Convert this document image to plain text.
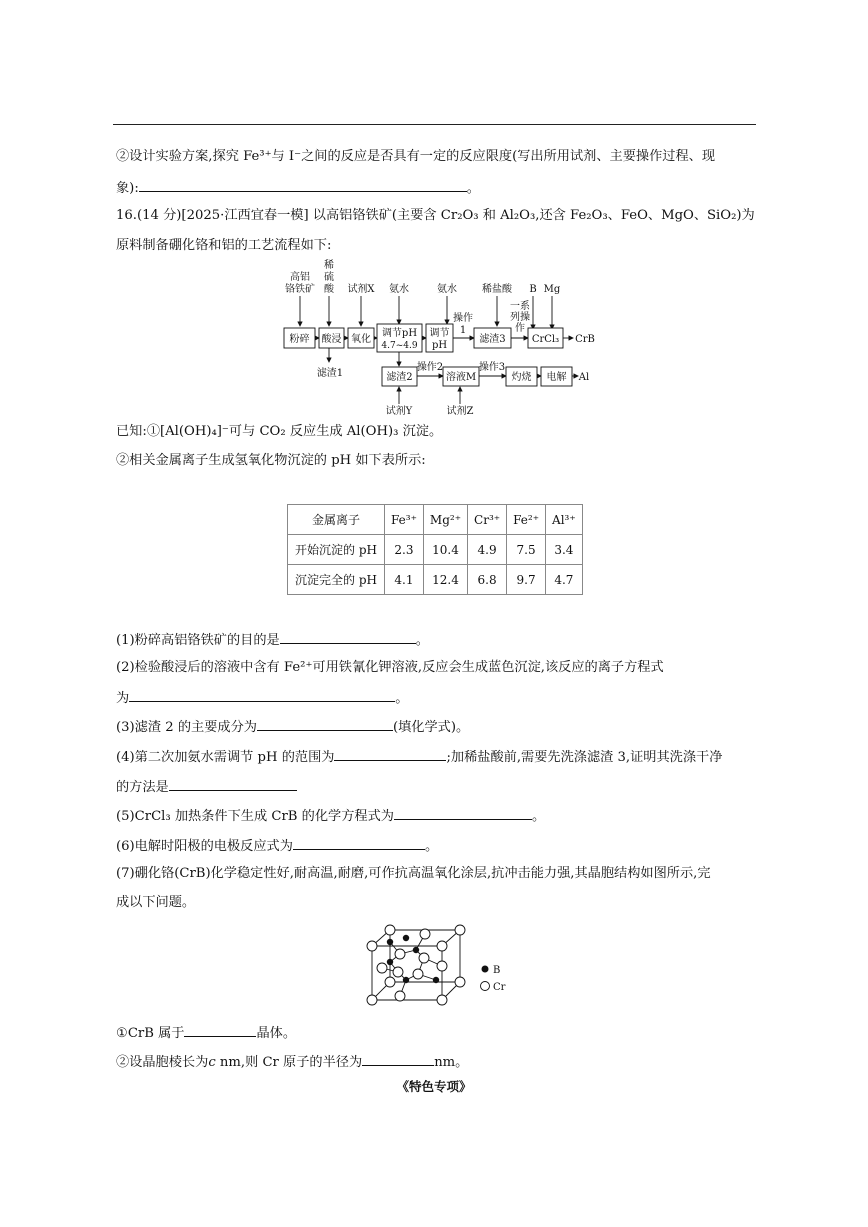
②设计实验方案,探究 Fe³⁺与 I⁻之间的反应是否具有一定的反应限度(写出所用试剂、主要操作过程、现
象):	。
16.(14 分)[2025·江西宜春一模] 以高铝铬铁矿(主要含 Cr₂O₃ 和 Al₂O₃,还含 Fe₂O₃、FeO、MgO、SiO₂)为
原料制备硼化铬和铝的工艺流程如下:
高铝
铬铁矿
稀
硫
酸 试剂X 氨水	氨水	稀盐酸 B Mg
粉碎 酸浸 氧化
调节pH
4.7~4.9
调节
pH
滤渣3	CrCl₃
滤渣2	溶液M	灼烧 电解
操作
1
一系
列操
作
操作2	操作3
滤渣1
CrB
Al
试剂Y	试剂Z
已知:①[Al(OH)₄]⁻可与 CO₂ 反应生成 Al(OH)₃ 沉淀。
②相关金属离子生成氢氧化物沉淀的 pH 如下表所示:
金属离子	Fe³⁺	Mg²⁺	Cr³⁺	Fe²⁺	Al³⁺
开始沉淀的 pH	2.3	10.4	4.9	7.5	3.4
沉淀完全的 pH	4.1	12.4	6.8	9.7	4.7
(1)粉碎高铝铬铁矿的目的是	。
(2)检验酸浸后的溶液中含有 Fe²⁺可用铁氰化钾溶液,反应会生成蓝色沉淀,该反应的离子方程式
为	。
(3)滤渣 2 的主要成分为	(填化学式)。
(4)第二次加氨水需调节 pH 的范围为	;加稀盐酸前,需要先洗涤滤渣 3,证明其洗涤干净
的方法是
(5)CrCl₃ 加热条件下生成 CrB 的化学方程式为	。
(6)电解时阳极的电极反应式为	。
(7)硼化铬(CrB)化学稳定性好,耐高温,耐磨,可作抗高温氧化涂层,抗冲击能力强,其晶胞结构如图所示,完
成以下问题。
B
Cr
①CrB 属于	晶体。
②设晶胞棱长为c nm,则 Cr 原子的半径为	nm。
《特色专项》
